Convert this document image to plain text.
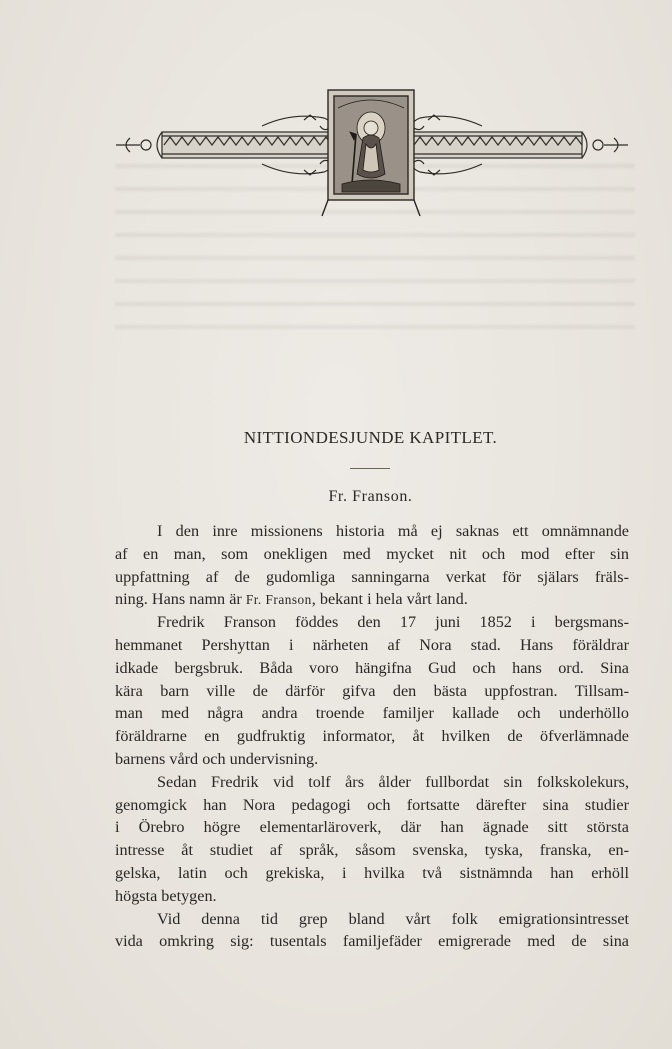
NITTIONDESJUNDE KAPITLET.
Fr. Franson.
I den inre missionens historia må ej saknas ett omnämnande
af en man, som onekligen med mycket nit och mod efter sin
uppfattning af de gudomliga sanningarna verkat för själars fräls-
ning. Hans namn är Fr. Franson, bekant i hela vårt land.
Fredrik Franson föddes den 17 juni 1852 i bergsmans-
hemmanet Pershyttan i närheten af Nora stad. Hans föräldrar
idkade bergsbruk. Båda voro hängifna Gud och hans ord. Sina
kära barn ville de därför gifva den bästa uppfostran. Tillsam-
man med några andra troende familjer kallade och underhöllo
föräldrarne en gudfruktig informator, åt hvilken de öfverlämnade
barnens vård och undervisning.
Sedan Fredrik vid tolf års ålder fullbordat sin folkskolekurs,
genomgick han Nora pedagogi och fortsatte därefter sina studier
i Örebro högre elementarläroverk, där han ägnade sitt största
intresse åt studiet af språk, såsom svenska, tyska, franska, en-
gelska, latin och grekiska, i hvilka två sistnämnda han erhöll
högsta betygen.
Vid denna tid grep bland vårt folk emigrationsintresset
vida omkring sig: tusentals familjefäder emigrerade med de sina
